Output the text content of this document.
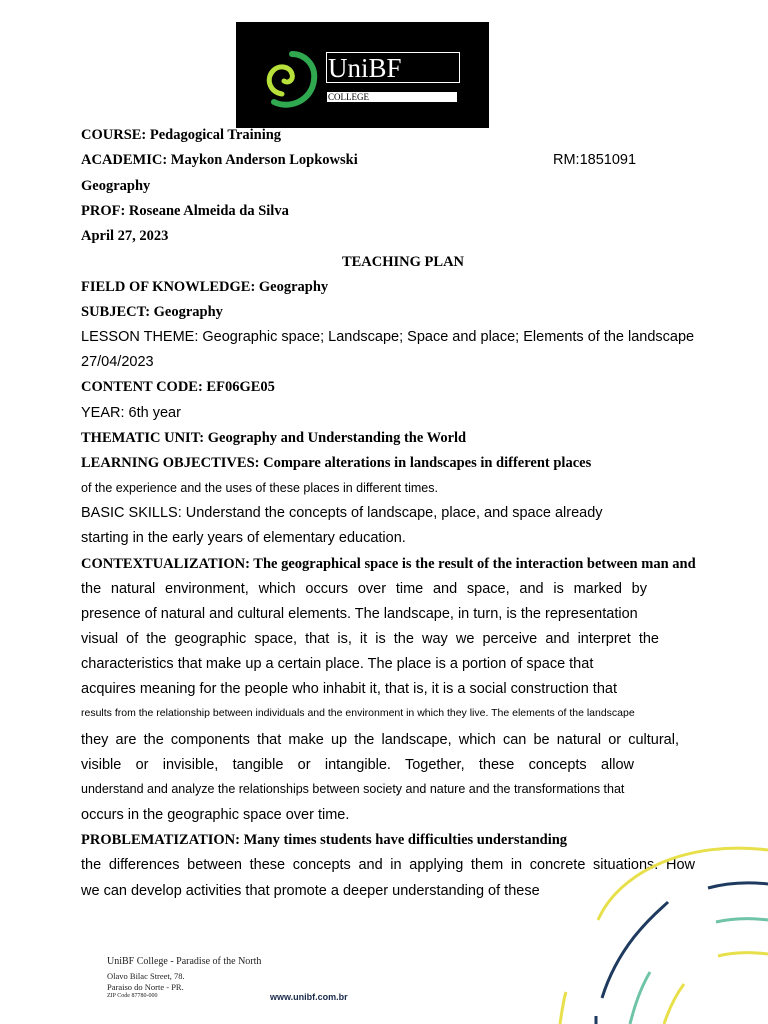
UniBF
COLLEGE
COURSE: Pedagogical Training
ACADEMIC: Maykon Anderson Lopkowski	RM:1851091
Geography
PROF: Roseane Almeida da Silva
April 27, 2023
TEACHING PLAN
FIELD OF KNOWLEDGE: Geography
SUBJECT: Geography
LESSON THEME: Geographic space; Landscape; Space and place; Elements of the landscape
27/04/2023
CONTENT CODE: EF06GE05
YEAR: 6th year
THEMATIC UNIT: Geography and Understanding the World
LEARNING OBJECTIVES: Compare alterations in landscapes in different places
of the experience and the uses of these places in different times.
BASIC SKILLS: Understand the concepts of landscape, place, and space already
starting in the early years of elementary education.
CONTEXTUALIZATION: The geographical space is the result of the interaction between man and
the natural environment, which occurs over time and space, and is marked by
presence of natural and cultural elements. The landscape, in turn, is the representation
visual of the geographic space, that is, it is the way we perceive and interpret the
characteristics that make up a certain place. The place is a portion of space that
acquires meaning for the people who inhabit it, that is, it is a social construction that
results from the relationship between individuals and the environment in which they live. The elements of the landscape
they are the components that make up the landscape, which can be natural or cultural,
visible or invisible, tangible or intangible. Together, these concepts allow
understand and analyze the relationships between society and nature and the transformations that
occurs in the geographic space over time.
PROBLEMATIZATION: Many times students have difficulties understanding
the differences between these concepts and in applying them in concrete situations. How
we can develop activities that promote a deeper understanding of these
UniBF College - Paradise of the North
Olavo Bilac Street, 78.
Paraiso do Norte - PR.
ZIP Code 87780-000	www.unibf.com.br
